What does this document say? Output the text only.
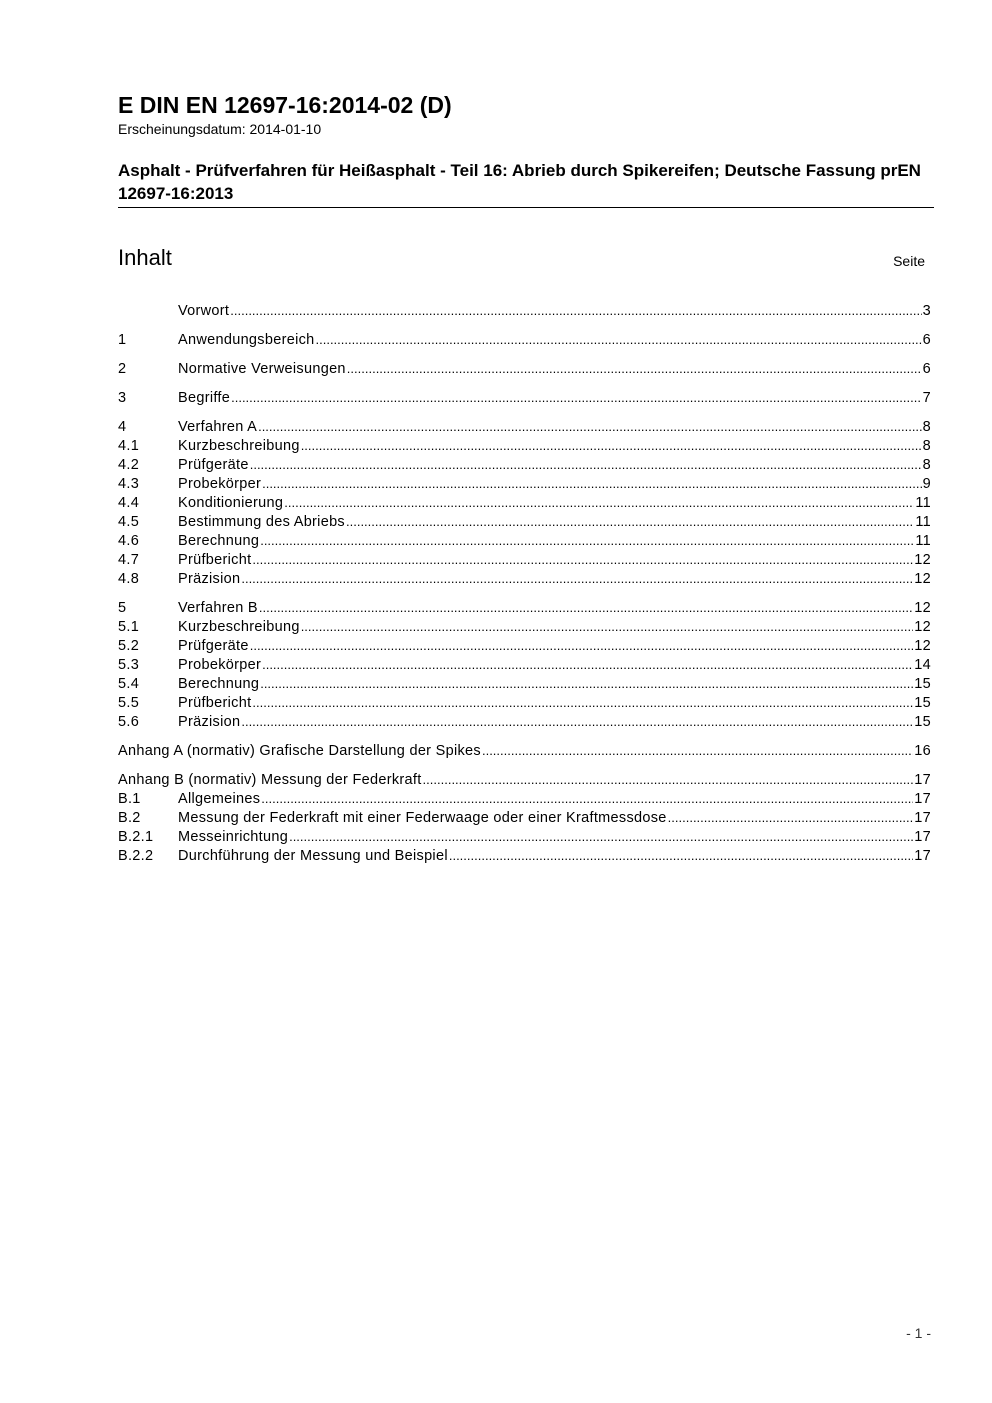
E DIN EN 12697-16:2014-02 (D)
Erscheinungsdatum: 2014-01-10
Asphalt - Prüfverfahren für Heißasphalt - Teil 16: Abrieb durch Spikereifen; Deutsche Fassung prEN 12697-16:2013
Inhalt	Seite
Vorwort .....	3
1	Anwendungsbereich .....	6
2	Normative Verweisungen .....	6
3	Begriffe .....	7
4	Verfahren A .....	8
4.1	Kurzbeschreibung .....	8
4.2	Prüfgeräte .....	8
4.3	Probekörper .....	9
4.4	Konditionierung .....	11
4.5	Bestimmung des Abriebs .....	11
4.6	Berechnung .....	11
4.7	Prüfbericht .....	12
4.8	Präzision .....	12
5	Verfahren B .....	12
5.1	Kurzbeschreibung .....	12
5.2	Prüfgeräte .....	12
5.3	Probekörper .....	14
5.4	Berechnung .....	15
5.5	Prüfbericht .....	15
5.6	Präzision .....	15
Anhang A (normativ) Grafische Darstellung der Spikes .....	16
Anhang B (normativ) Messung der Federkraft .....	17
B.1	Allgemeines .....	17
B.2	Messung der Federkraft mit einer Federwaage oder einer Kraftmessdose .....	17
B.2.1	Messeinrichtung .....	17
B.2.2	Durchführung der Messung und Beispiel .....	17
- 1 -
